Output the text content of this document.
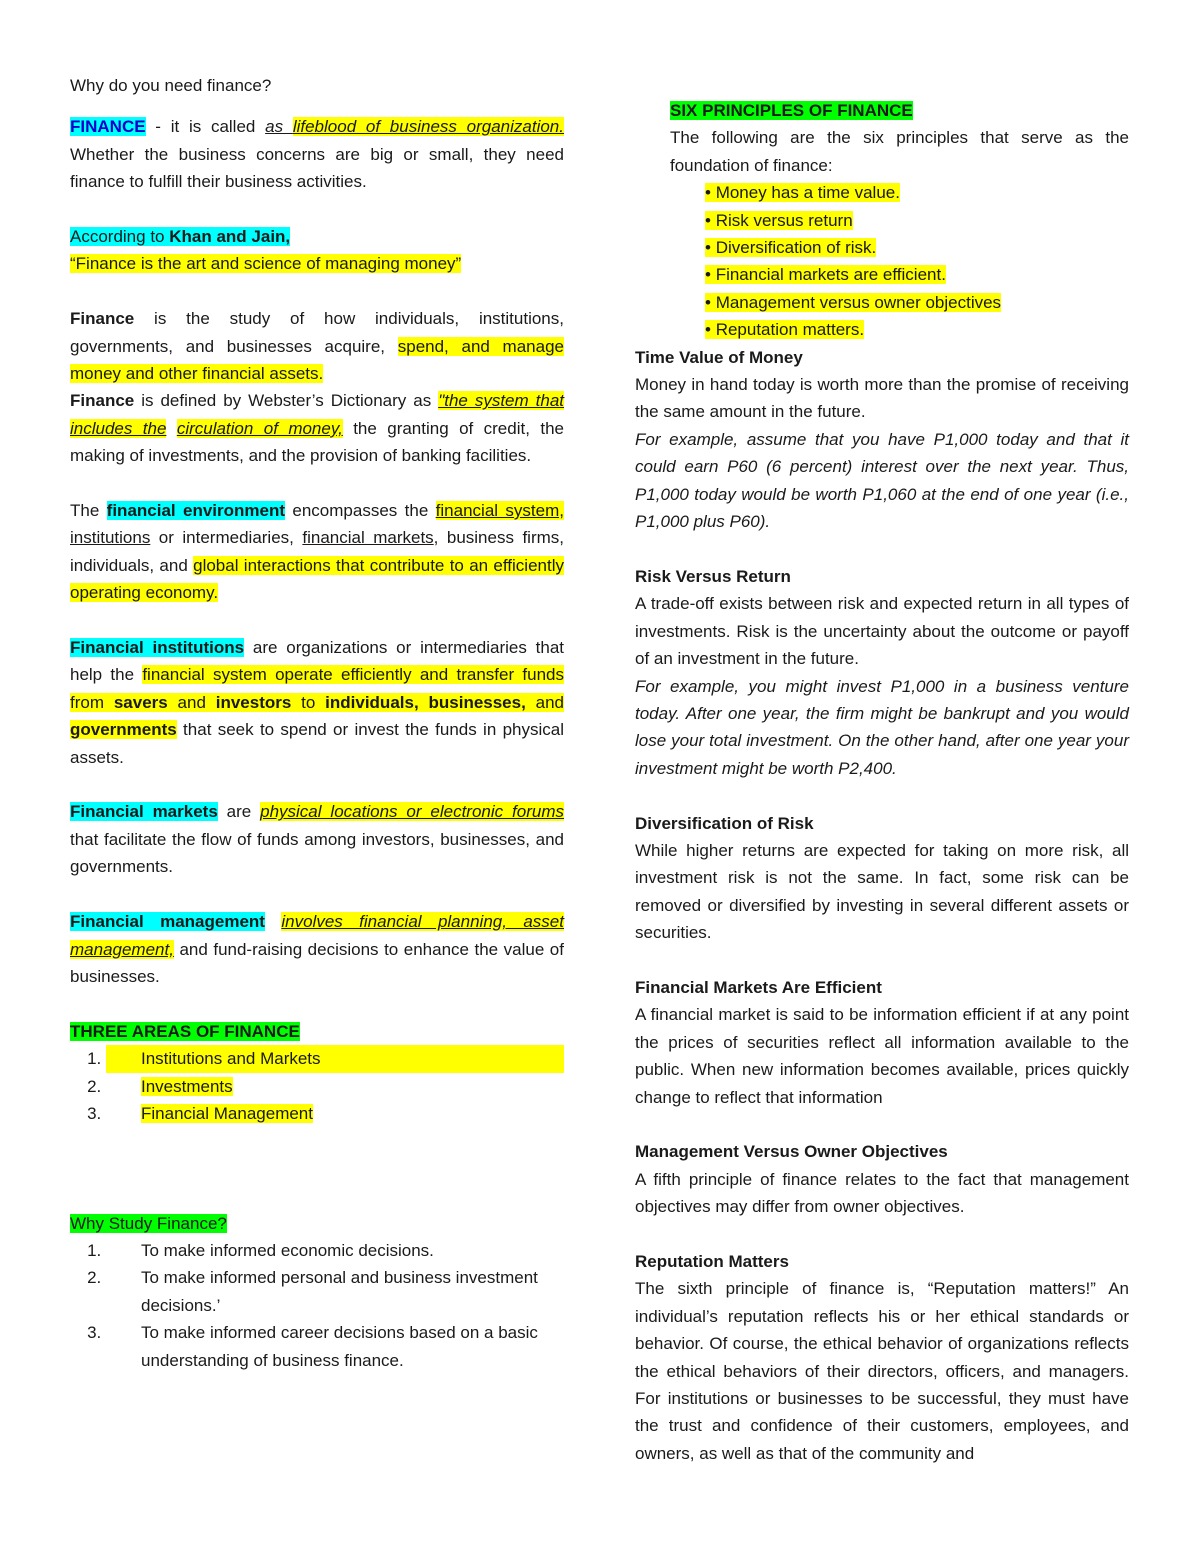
Why do you need finance?

FINANCE - it is called as lifeblood of business organization. Whether the business concerns are big or small, they need finance to fulfill their business activities.

According to Khan and Jain,

“Finance is the art and science of managing money”

Finance is the study of how individuals, institutions, governments, and businesses acquire, spend, and manage money and other financial assets.

Finance is defined by Webster’s Dictionary as "the system that includes the circulation of money, the granting of credit, the making of investments, and the provision of banking facilities.

The financial environment encompasses the financial system, institutions or intermediaries, financial markets, business firms, individuals, and global interactions that contribute to an efficiently operating economy.

Financial institutions are organizations or intermediaries that help the financial system operate efficiently and transfer funds from savers and investors to individuals, businesses, and governments that seek to spend or invest the funds in physical assets.

Financial markets are physical locations or electronic forums that facilitate the flow of funds among investors, businesses, and governments.

Financial management involves financial planning, asset management, and fund-raising decisions to enhance the value of businesses.

THREE AREAS OF FINANCE

1. Institutions and Markets
2. Investments
3. Financial Management

Why Study Finance?

1. To make informed economic decisions.
2. To make informed personal and business investment decisions.’
3. To make informed career decisions based on a basic understanding of business finance.

SIX PRINCIPLES OF FINANCE

The following are the six principles that serve as the foundation of finance:

• Money has a time value.
• Risk versus return
• Diversification of risk.
• Financial markets are efficient.
• Management versus owner objectives
• Reputation matters.

Time Value of Money

Money in hand today is worth more than the promise of receiving the same amount in the future.

For example, assume that you have P1,000 today and that it could earn P60 (6 percent) interest over the next year. Thus, P1,000 today would be worth P1,060 at the end of one year (i.e., P1,000 plus P60).

Risk Versus Return

A trade-off exists between risk and expected return in all types of investments. Risk is the uncertainty about the outcome or payoff of an investment in the future.

For example, you might invest P1,000 in a business venture today. After one year, the firm might be bankrupt and you would lose your total investment. On the other hand, after one year your investment might be worth P2,400.

Diversification of Risk

While higher returns are expected for taking on more risk, all investment risk is not the same. In fact, some risk can be removed or diversified by investing in several different assets or securities.

Financial Markets Are Efficient

A financial market is said to be information efficient if at any point the prices of securities reflect all information available to the public. When new information becomes available, prices quickly change to reflect that information

Management Versus Owner Objectives

A fifth principle of finance relates to the fact that management objectives may differ from owner objectives.

Reputation Matters

The sixth principle of finance is, “Reputation matters!” An individual’s reputation reflects his or her ethical standards or behavior. Of course, the ethical behavior of organizations reflects the ethical behaviors of their directors, officers, and managers. For institutions or businesses to be successful, they must have the trust and confidence of their customers, employees, and owners, as well as that of the community and
